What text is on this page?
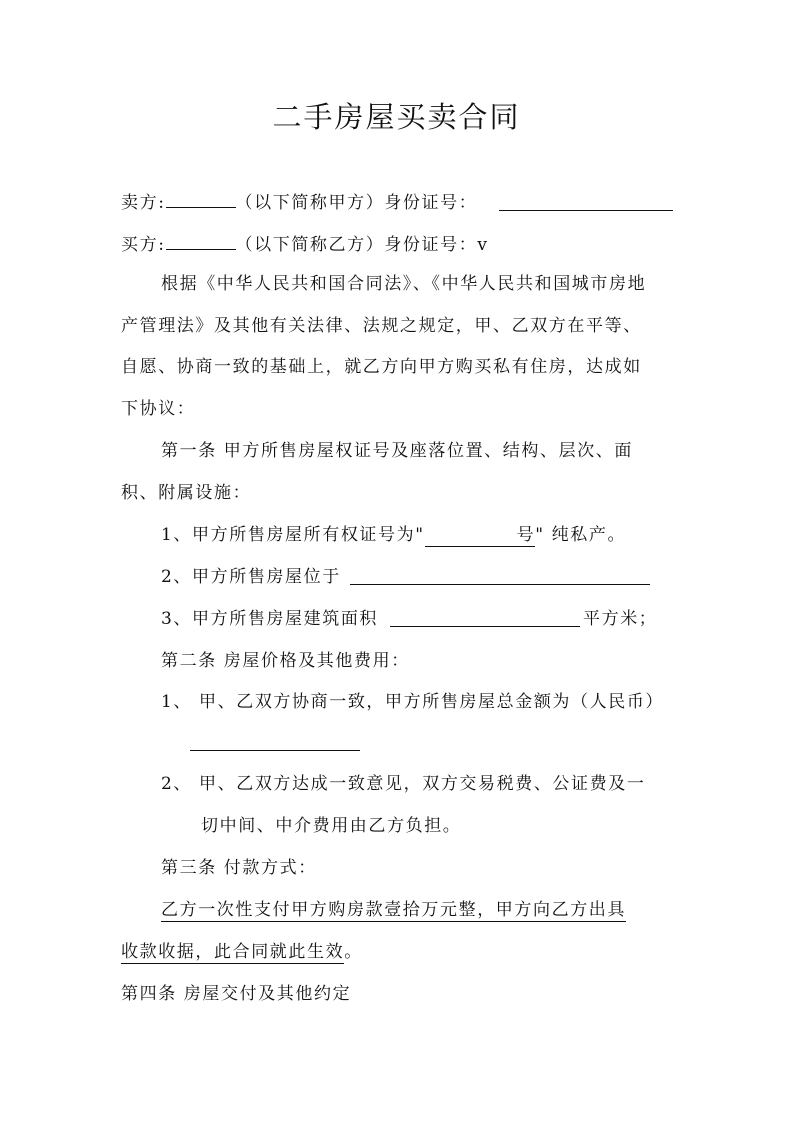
二手房屋买卖合同
卖方:	（以下简称甲方）身份证号：
买方:	（以下简称乙方）身份证号：v
根据《中华人民共和国合同法》、《中华人民共和国城市房地
产管理法》及其他有关法律、法规之规定，甲、乙双方在平等、
自愿、协商一致的基础上，就乙方向甲方购买私有住房，达成如
下协议：
第一条 甲方所售房屋权证号及座落位置、结构、层次、面
积、附属设施：
1、甲方所售房屋所有权证号为"	号" 纯私产。
2、甲方所售房屋位于
3、甲方所售房屋建筑面积	平方米；
第二条 房屋价格及其他费用：
1、 甲、乙双方协商一致，甲方所售房屋总金额为（人民币）
2、 甲、乙双方达成一致意见，双方交易税费、公证费及一
切中间、中介费用由乙方负担。
第三条 付款方式：
乙方一次性支付甲方购房款壹拾万元整，甲方向乙方出具
收款收据，此合同就此生效。
第四条 房屋交付及其他约定
